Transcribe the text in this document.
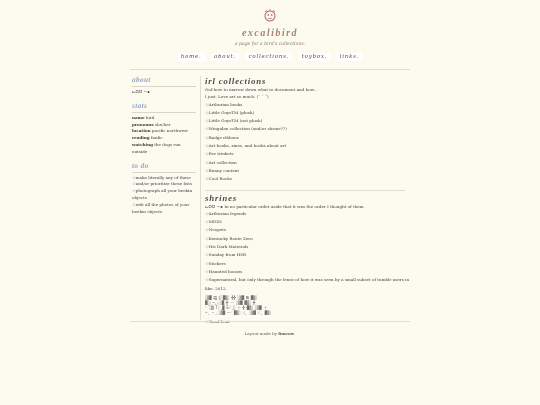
excalibird
a page for a bird's collections.
home. about. collections. toybox. links.
about
ᓚᘏᗢ ~ᴥ
stats
name bird
pronouns she/her
location pacific northwest
reading fanfic
watching the dogs run outside
to do
🤍 make literally any of these
🤍 and/or prioritize these lists
🤍 photograph all your beekin objects
🤍 edit all the photos of your beekin objects
irl collections
Oof how to narrow down what to document and how...
I just. Love art so much. (ˆ ˘ ˆ)
🤍 Arthurian books
🤍 Little GuysTM (plush)
🤍 Little GuysTM (not plush)
🤍 Wingulan collection (and/or shrine??)
🤍 Badge ribbons
🤍 Art books, zines, and books about art
🤍 Fav trinkets
🤍 Art collection
🤍 Bunny content
🤍 Cool Rocks
shrines
ᓚᘏᗢ ~ᴥ In no particular order aside that it was the order I thought of them.
🤍 Arthurian legends
🤍 MDZS
🤍 Neopets
🤍 Kentucky Route Zero
🤍 His Dark Materials
🤍 Sunday from HSR
🤍 Stickers
🤍 Haunted houses
🤍 Supernatural, but only through the lense of how it was seen by a small subset of tumblr users in like, 2012.
░▒▓ ᗩ̸̡͍ Ḽ̷͆ ▓▒░ ╬╬ ░▒▓ ᗷ̵͈ ▓▒░
▓░ ̸͔ ̴̢ ̷͉ ░▓ ╬ 〰 ░▒▓ ▓▒░ ╬
ᵕ̈ ░▒ T̷̰ ▓ E̸̞ ░ ⊹ ╬ ▓▒░ ░▒▓ ⊹
̴̨ ̵̡ ░▒▓ ̶̛ ▓▒░ ̷̢ ░▒▓ ̸̨ ▓▒░
🤍 Good fruit
Layout made by fimeow.
